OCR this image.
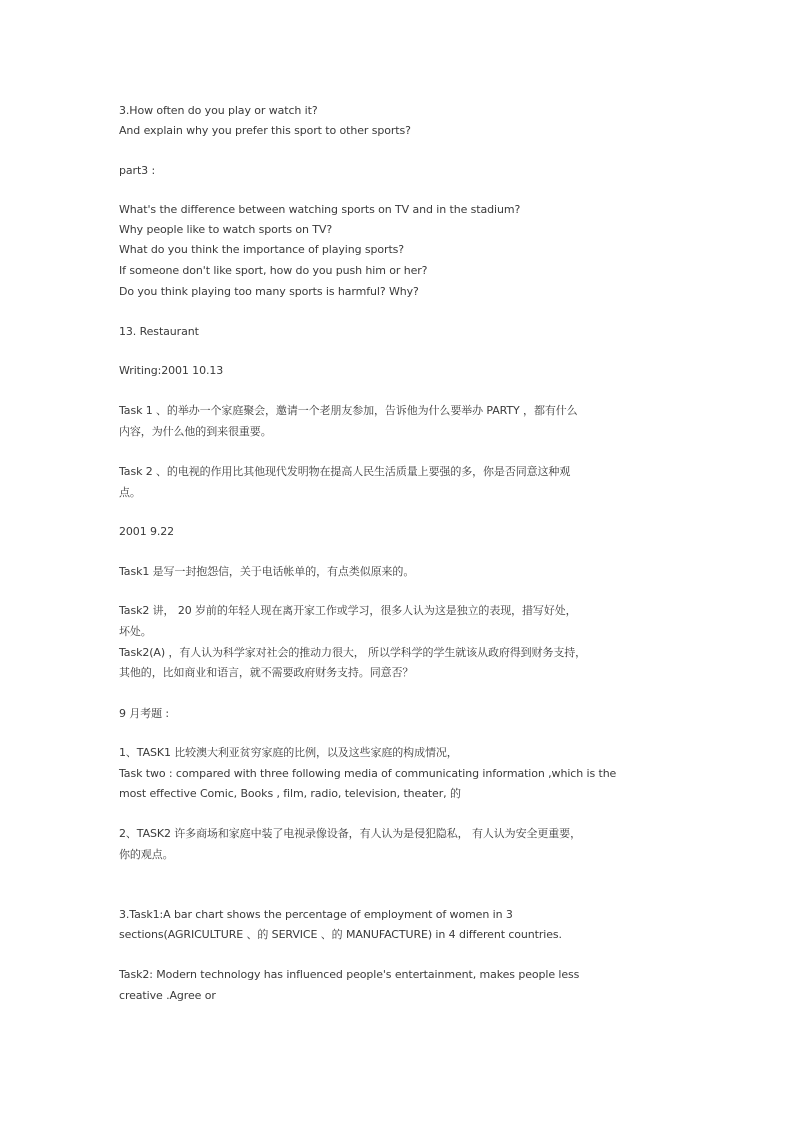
3.How often do you play or watch it?

And explain why you prefer this sport to other sports?

part3 :

What's the difference between watching sports on TV and in the stadium?

Why people like to watch sports on TV?

What do you think the importance of playing sports?

If someone don't like sport, how do you push him or her?

Do you think playing too many sports is harmful? Why?

13. Restaurant

Writing:2001 10.13

Task 1 、的举办一个家庭聚会，邀请一个老朋友参加，告诉他为什么要举办 PARTY ，都有什么

内容，为什么他的到来很重要。

Task 2 、的电视的作用比其他现代发明物在提高人民生活质量上要强的多，你是否同意这种观

点。

2001 9.22

Task1 是写一封抱怨信，关于电话帐单的，有点类似原来的。

Task2 讲， 20 岁前的年轻人现在离开家工作或学习，很多人认为这是独立的表现，措写好处，

坏处。

Task2(A) ，有人认为科学家对社会的推动力很大， 所以学科学的学生就该从政府得到财务支持，

其他的，比如商业和语言，就不需要政府财务支持。同意否？

9 月考题 :

1、TASK1 比较澳大利亚贫穷家庭的比例，以及这些家庭的构成情况，

Task two : compared with three following media of communicating information ,which is the

most effective Comic, Books , film, radio, television, theater, 的

2、TASK2 许多商场和家庭中装了电视录像设备，有人认为是侵犯隐私， 有人认为安全更重要，

你的观点。

3.Task1:A bar chart shows the percentage of employment of women in 3

sections(AGRICULTURE 、的 SERVICE 、的 MANUFACTURE) in 4 different countries.

Task2: Modern technology has influenced people's entertainment, makes people less

creative .Agree or
